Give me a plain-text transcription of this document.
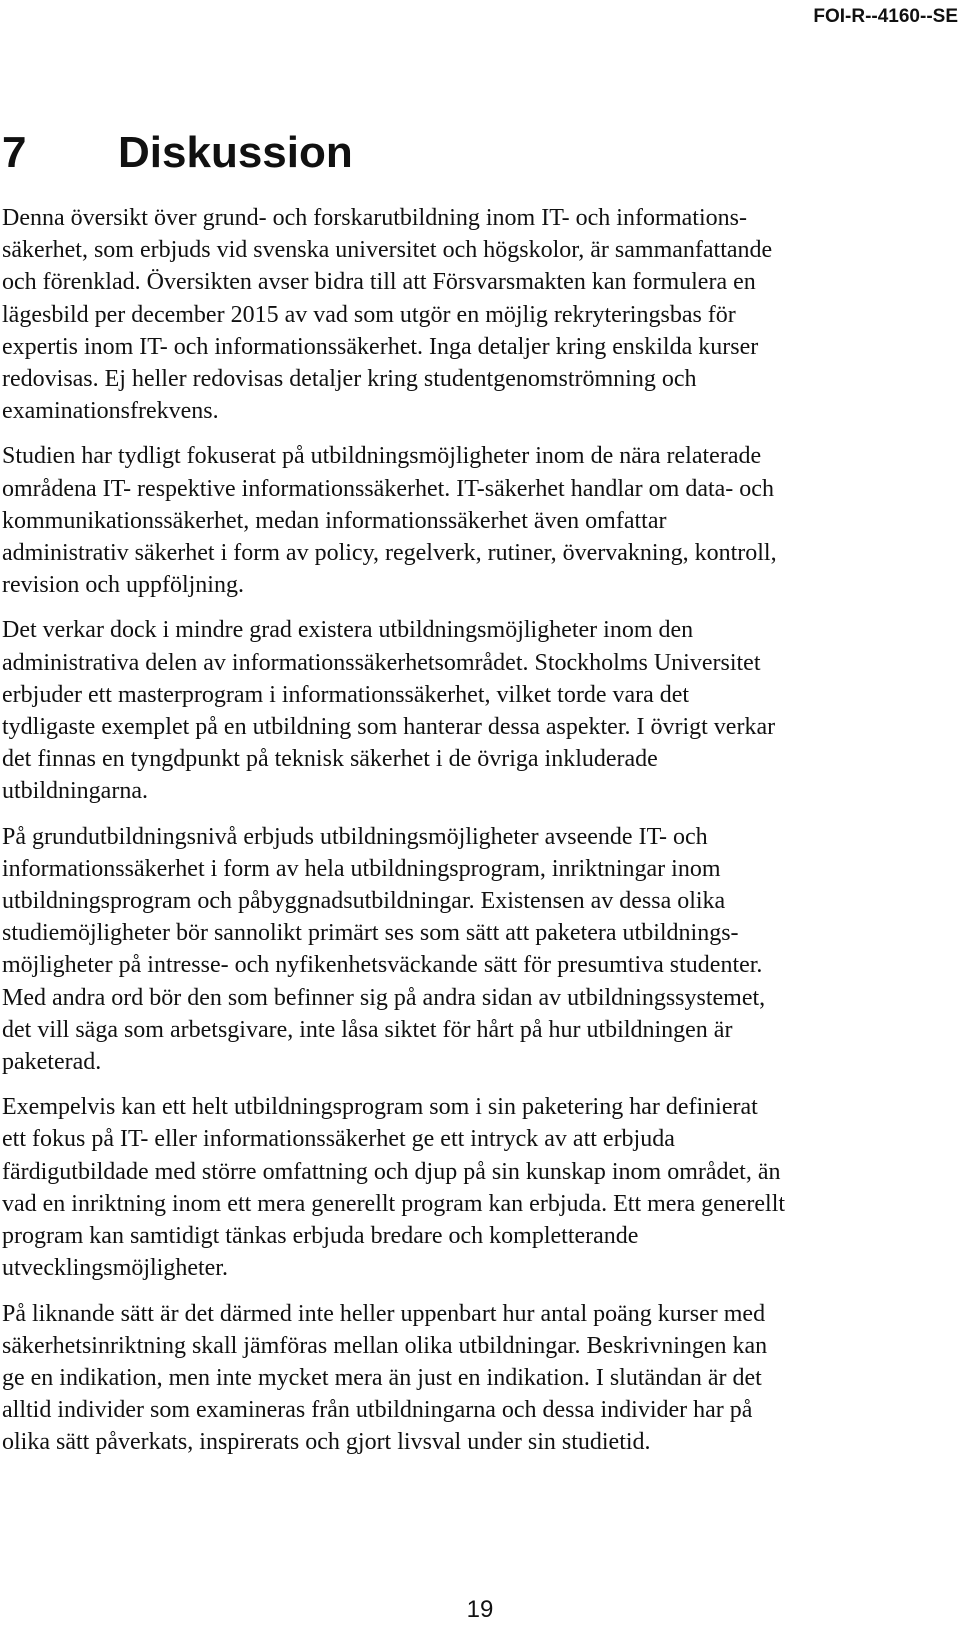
FOI-R--4160--SE
7 Diskussion

Denna översikt över grund- och forskarutbildning inom IT- och informations-
säkerhet, som erbjuds vid svenska universitet och högskolor, är sammanfattande
och förenklad. Översikten avser bidra till att Försvarsmakten kan formulera en
lägesbild per december 2015 av vad som utgör en möjlig rekryteringsbas för
expertis inom IT- och informationssäkerhet. Inga detaljer kring enskilda kurser
redovisas. Ej heller redovisas detaljer kring studentgenomströmning och
examinationsfrekvens.

Studien har tydligt fokuserat på utbildningsmöjligheter inom de nära relaterade
områdena IT- respektive informationssäkerhet. IT-säkerhet handlar om data- och
kommunikationssäkerhet, medan informationssäkerhet även omfattar
administrativ säkerhet i form av policy, regelverk, rutiner, övervakning, kontroll,
revision och uppföljning.

Det verkar dock i mindre grad existera utbildningsmöjligheter inom den
administrativa delen av informationssäkerhetsområdet. Stockholms Universitet
erbjuder ett masterprogram i informationssäkerhet, vilket torde vara det
tydligaste exemplet på en utbildning som hanterar dessa aspekter. I övrigt verkar
det finnas en tyngdpunkt på teknisk säkerhet i de övriga inkluderade
utbildningarna.

På grundutbildningsnivå erbjuds utbildningsmöjligheter avseende IT- och
informationssäkerhet i form av hela utbildningsprogram, inriktningar inom
utbildningsprogram och påbyggnadsutbildningar. Existensen av dessa olika
studiemöjligheter bör sannolikt primärt ses som sätt att paketera utbildnings-
möjligheter på intresse- och nyfikenhetsväckande sätt för presumtiva studenter.
Med andra ord bör den som befinner sig på andra sidan av utbildningssystemet,
det vill säga som arbetsgivare, inte låsa siktet för hårt på hur utbildningen är
paketerad.

Exempelvis kan ett helt utbildningsprogram som i sin paketering har definierat
ett fokus på IT- eller informationssäkerhet ge ett intryck av att erbjuda
färdigutbildade med större omfattning och djup på sin kunskap inom området, än
vad en inriktning inom ett mera generellt program kan erbjuda. Ett mera generellt
program kan samtidigt tänkas erbjuda bredare och kompletterande
utvecklingsmöjligheter.

På liknande sätt är det därmed inte heller uppenbart hur antal poäng kurser med
säkerhetsinriktning skall jämföras mellan olika utbildningar. Beskrivningen kan
ge en indikation, men inte mycket mera än just en indikation. I slutändan är det
alltid individer som examineras från utbildningarna och dessa individer har på
olika sätt påverkats, inspirerats och gjort livsval under sin studietid.

19
